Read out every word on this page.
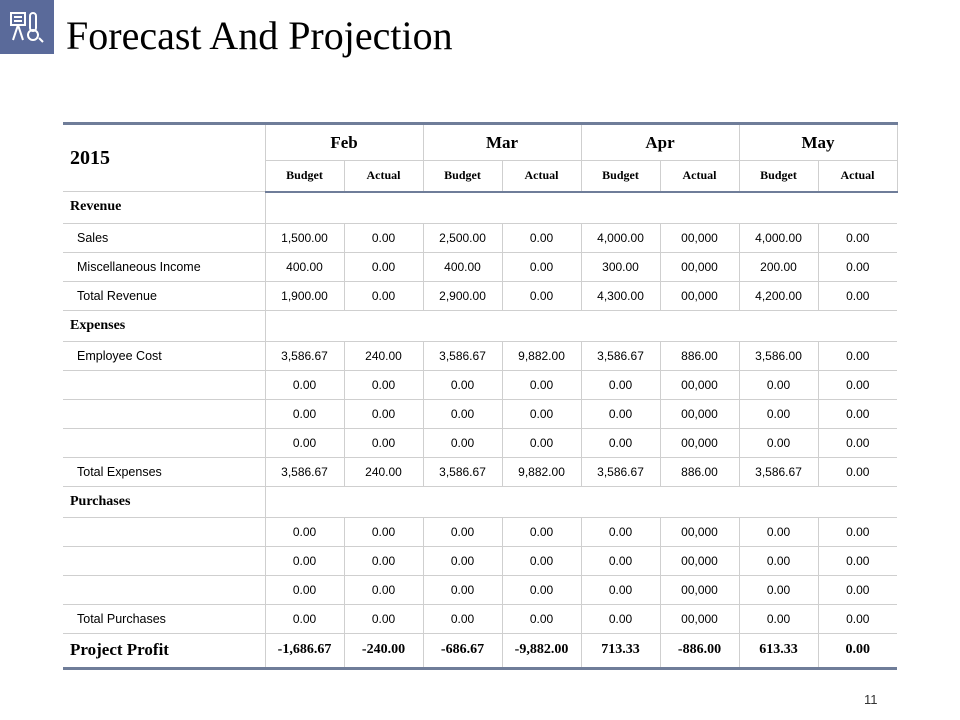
Forecast And Projection
2015	Feb		Mar		Apr		May	
	Budget	Actual	Budget	Actual	Budget	Actual	Budget	Actual
Revenue								
Sales	1,500.00	0.00	2,500.00	0.00	4,000.00	00,000	4,000.00	0.00
Miscellaneous Income	400.00	0.00	400.00	0.00	300.00	00,000	200.00	0.00
Total Revenue	1,900.00	0.00	2,900.00	0.00	4,300.00	00,000	4,200.00	0.00
Expenses								
Employee Cost	3,586.67	240.00	3,586.67	9,882.00	3,586.67	886.00	3,586.00	0.00
	0.00	0.00	0.00	0.00	0.00	00,000	0.00	0.00
	0.00	0.00	0.00	0.00	0.00	00,000	0.00	0.00
	0.00	0.00	0.00	0.00	0.00	00,000	0.00	0.00
Total Expenses	3,586.67	240.00	3,586.67	9,882.00	3,586.67	886.00	3,586.67	0.00
Purchases								
	0.00	0.00	0.00	0.00	0.00	00,000	0.00	0.00
	0.00	0.00	0.00	0.00	0.00	00,000	0.00	0.00
	0.00	0.00	0.00	0.00	0.00	00,000	0.00	0.00
Total Purchases	0.00	0.00	0.00	0.00	0.00	00,000	0.00	0.00
Project Profit	-1,686.67	-240.00	-686.67	-9,882.00	713.33	-886.00	613.33	0.00
11
